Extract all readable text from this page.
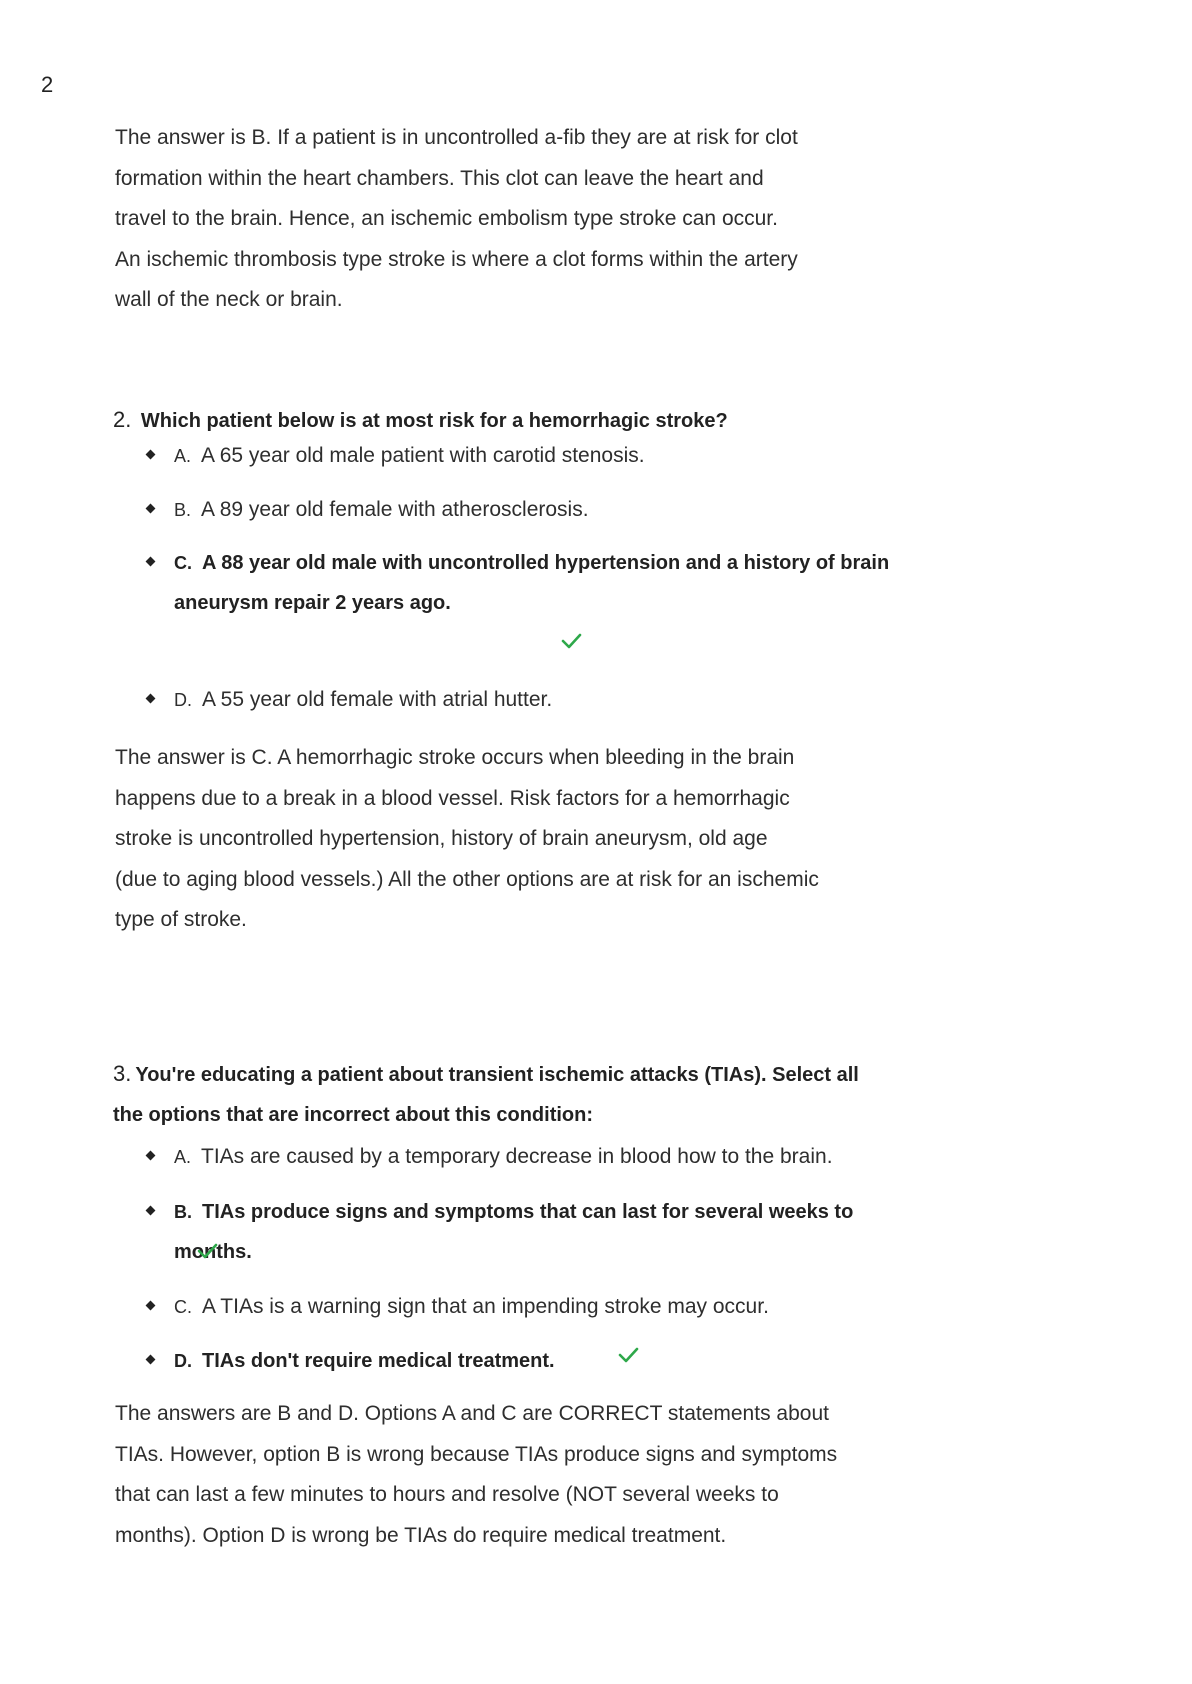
2
The answer is B. If a patient is in uncontrolled a-fib they are at risk for clot
formation within the heart chambers. This clot can leave the heart and
travel to the brain. Hence, an ischemic embolism type stroke can occur.
An ischemic thrombosis type stroke is where a clot forms within the artery
wall of the neck or brain.
2. Which patient below is at most risk for a hemorrhagic stroke?
A. A 65 year old male patient with carotid stenosis.
B. A 89 year old female with atherosclerosis.
C. A 88 year old male with uncontrolled hypertension and a history of brain
aneurysm repair 2 years ago.
D. A 55 year old female with atrial hutter.
The answer is C. A hemorrhagic stroke occurs when bleeding in the brain
happens due to a break in a blood vessel. Risk factors for a hemorrhagic
stroke is uncontrolled hypertension, history of brain aneurysm, old age
(due to aging blood vessels.) All the other options are at risk for an ischemic
type of stroke.
3. You're educating a patient about transient ischemic attacks (TIAs). Select all
the options that are incorrect about this condition:
A. TIAs are caused by a temporary decrease in blood how to the brain.
B. TIAs produce signs and symptoms that can last for several weeks to months.
C. A TIAs is a warning sign that an impending stroke may occur.
D. TIAs don't require medical treatment.
The answers are B and D. Options A and C are CORRECT statements about
TIAs. However, option B is wrong because TIAs produce signs and symptoms
that can last a few minutes to hours and resolve (NOT several weeks to
months). Option D is wrong be TIAs do require medical treatment.
